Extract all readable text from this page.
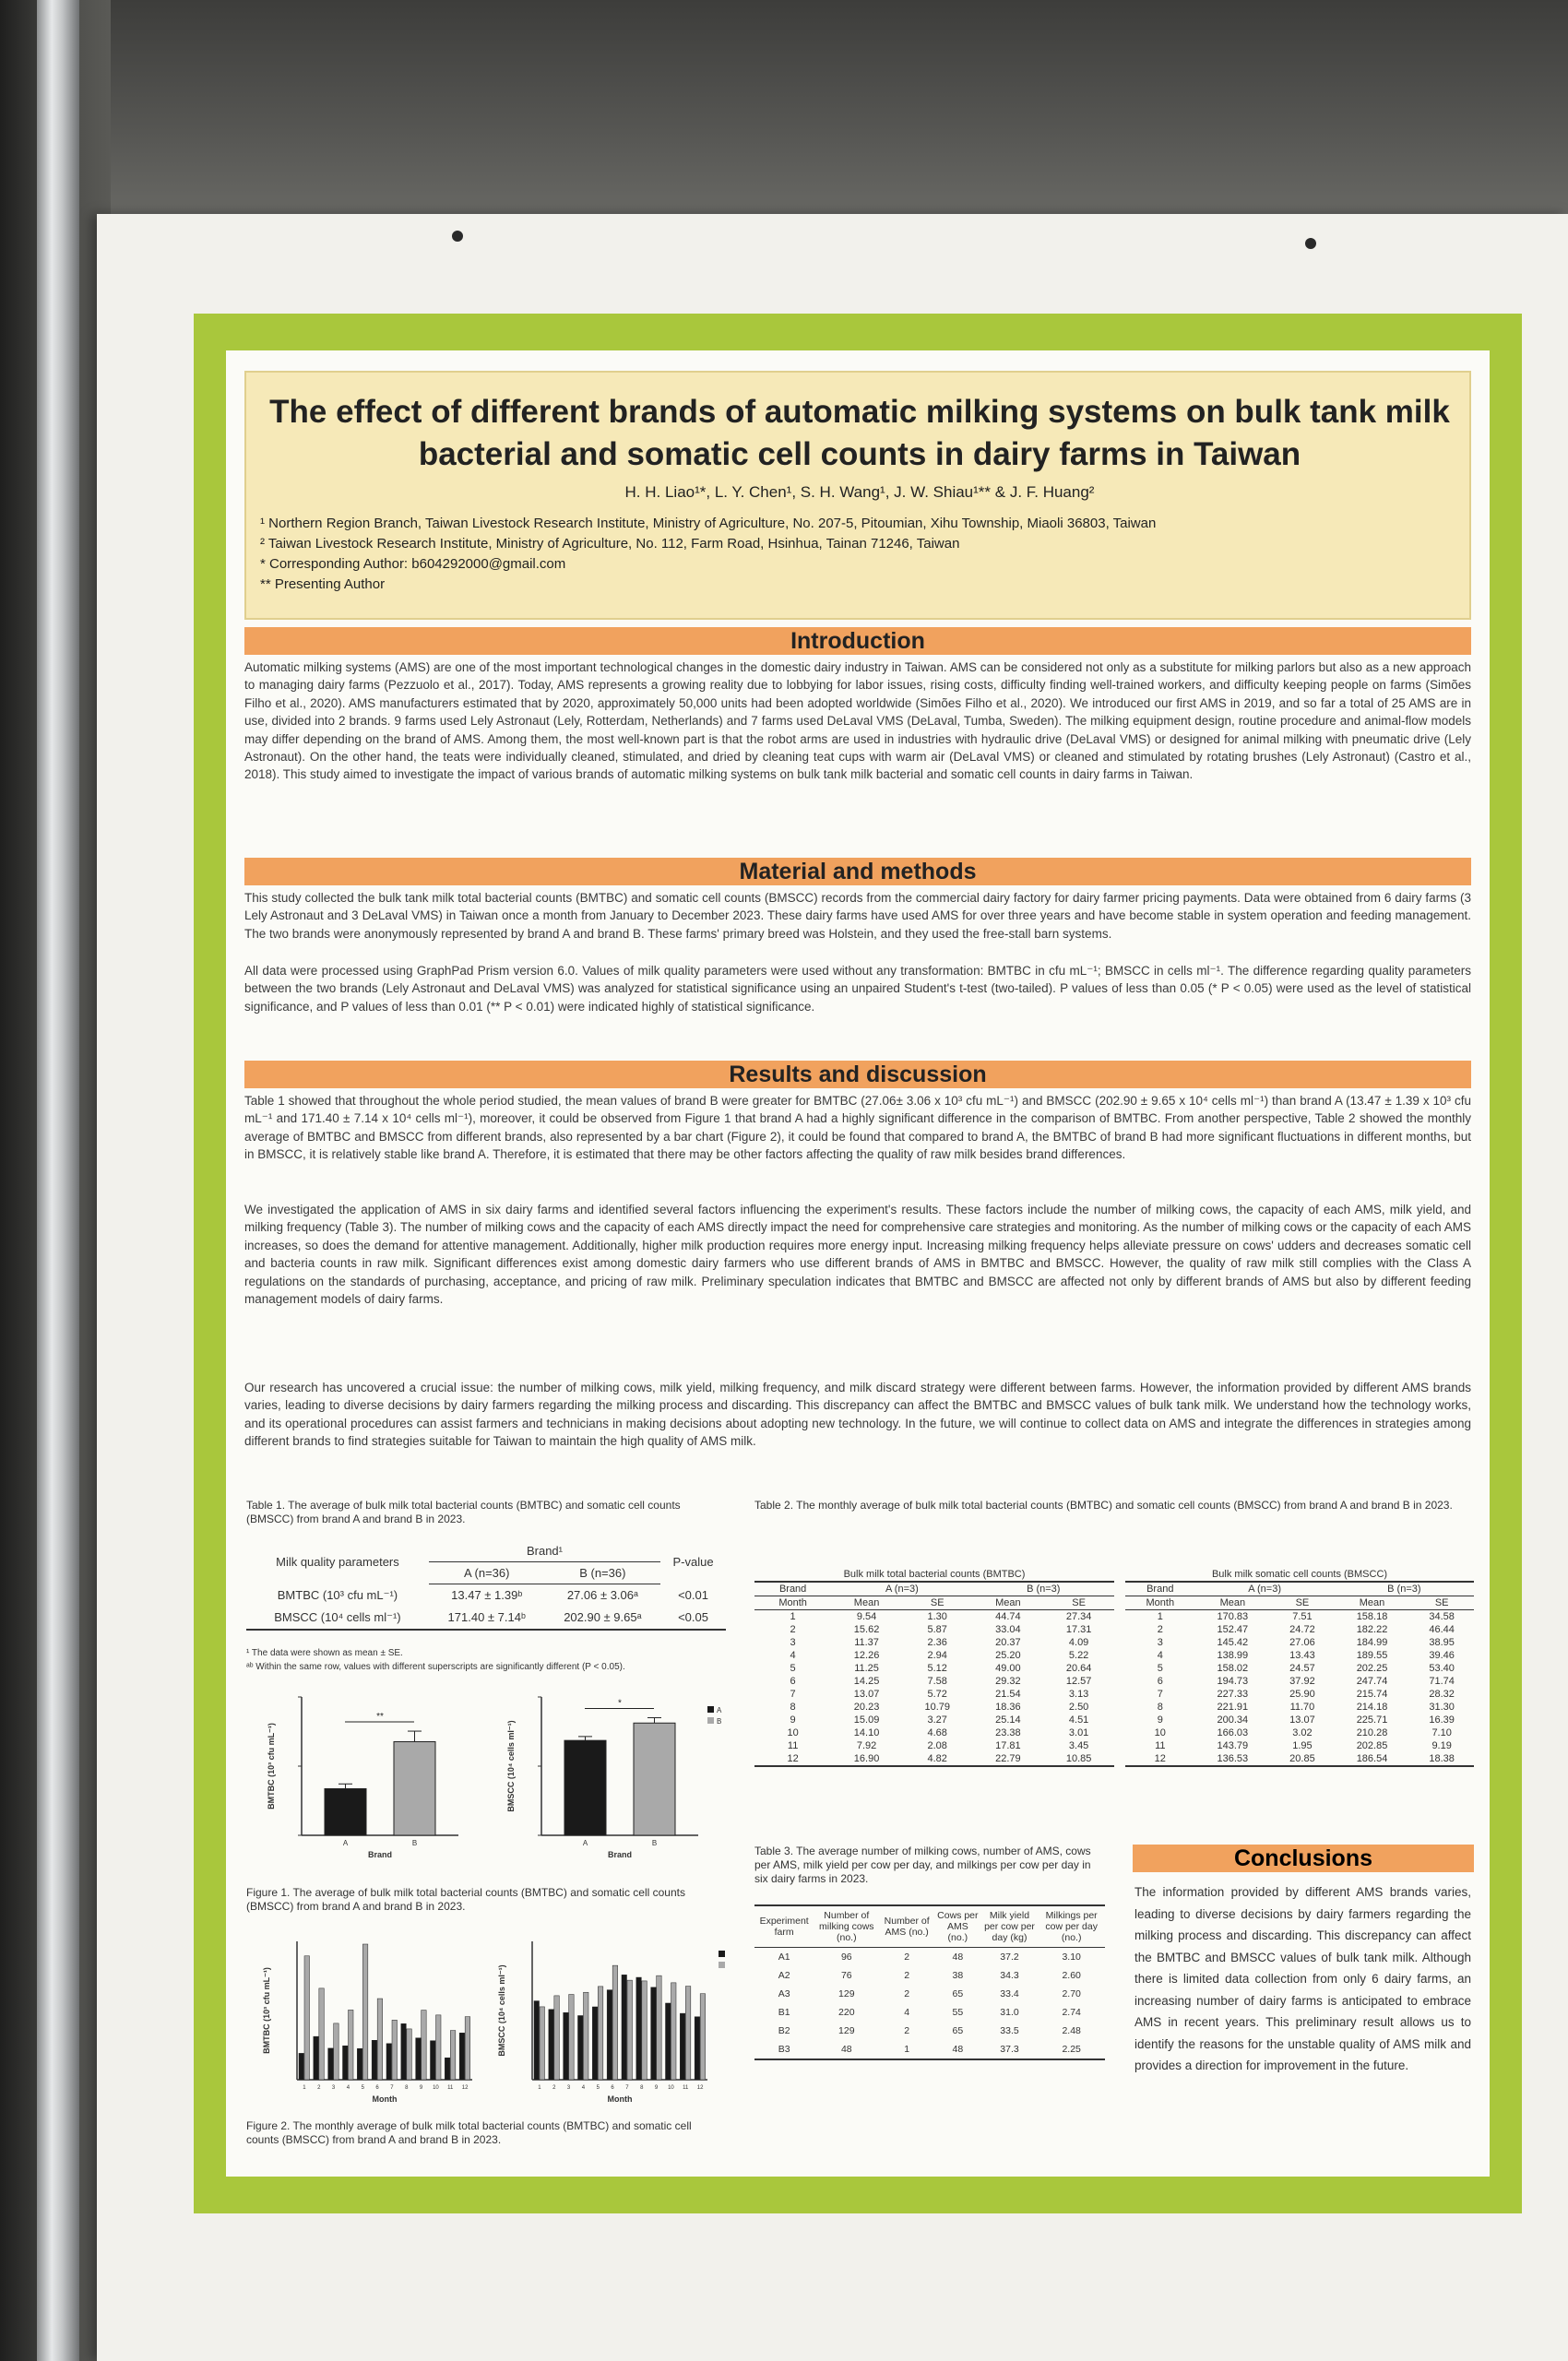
The effect of different brands of automatic milking systems on bulk tank milk bacterial and somatic cell counts in dairy farms in Taiwan
H. H. Liao¹*, L. Y. Chen¹, S. H. Wang¹, J. W. Shiau¹** & J. F. Huang²
¹ Northern Region Branch, Taiwan Livestock Research Institute, Ministry of Agriculture, No. 207-5, Pitoumian, Xihu Township, Miaoli 36803, Taiwan
² Taiwan Livestock Research Institute, Ministry of Agriculture, No. 112, Farm Road, Hsinhua, Tainan 71246, Taiwan
* Corresponding Author: b604292000@gmail.com
** Presenting Author
Introduction
Automatic milking systems (AMS) are one of the most important technological changes in the domestic dairy industry in Taiwan. AMS can be considered not only as a substitute for milking parlors but also as a new approach to managing dairy farms (Pezzuolo et al., 2017). Today, AMS represents a growing reality due to lobbying for labor issues, rising costs, difficulty finding well-trained workers, and difficulty keeping people on farms (Simões Filho et al., 2020). AMS manufacturers estimated that by 2020, approximately 50,000 units had been adopted worldwide (Simões Filho et al., 2020). We introduced our first AMS in 2019, and so far a total of 25 AMS are in use, divided into 2 brands. 9 farms used Lely Astronaut (Lely, Rotterdam, Netherlands) and 7 farms used DeLaval VMS (DeLaval, Tumba, Sweden). The milking equipment design, routine procedure and animal-flow models may differ depending on the brand of AMS. Among them, the most well-known part is that the robot arms are used in industries with hydraulic drive (DeLaval VMS) or designed for animal milking with pneumatic drive (Lely Astronaut). On the other hand, the teats were individually cleaned, stimulated, and dried by cleaning teat cups with warm air (DeLaval VMS) or cleaned and stimulated by rotating brushes (Lely Astronaut) (Castro et al., 2018). This study aimed to investigate the impact of various brands of automatic milking systems on bulk tank milk bacterial and somatic cell counts in dairy farms in Taiwan.
Material and methods
This study collected the bulk tank milk total bacterial counts (BMTBC) and somatic cell counts (BMSCC) records from the commercial dairy factory for dairy farmer pricing payments. Data were obtained from 6 dairy farms (3 Lely Astronaut and 3 DeLaval VMS) in Taiwan once a month from January to December 2023. These dairy farms have used AMS for over three years and have become stable in system operation and feeding management. The two brands were anonymously represented by brand A and brand B. These farms' primary breed was Holstein, and they used the free-stall barn systems.
All data were processed using GraphPad Prism version 6.0. Values of milk quality parameters were used without any transformation: BMTBC in cfu mL⁻¹; BMSCC in cells ml⁻¹. The difference regarding quality parameters between the two brands (Lely Astronaut and DeLaval VMS) was analyzed for statistical significance using an unpaired Student's t-test (two-tailed). P values of less than 0.05 (* P < 0.05) were used as the level of statistical significance, and P values of less than 0.01 (** P < 0.01) were indicated highly of statistical significance.
Results and discussion
Table 1 showed that throughout the whole period studied, the mean values of brand B were greater for BMTBC (27.06± 3.06 x 10³ cfu mL⁻¹) and BMSCC (202.90 ± 9.65 x 10⁴ cells ml⁻¹) than brand A (13.47 ± 1.39 x 10³ cfu mL⁻¹ and 171.40 ± 7.14 x 10⁴ cells ml⁻¹), moreover, it could be observed from Figure 1 that brand A had a highly significant difference in the comparison of BMTBC. From another perspective, Table 2 showed the monthly average of BMTBC and BMSCC from different brands, also represented by a bar chart (Figure 2), it could be found that compared to brand A, the BMTBC of brand B had more significant fluctuations in different months, but in BMSCC, it is relatively stable like brand A. Therefore, it is estimated that there may be other factors affecting the quality of raw milk besides brand differences.
We investigated the application of AMS in six dairy farms and identified several factors influencing the experiment's results. These factors include the number of milking cows, the capacity of each AMS, milk yield, and milking frequency (Table 3). The number of milking cows and the capacity of each AMS directly impact the need for comprehensive care strategies and monitoring. As the number of milking cows or the capacity of each AMS increases, so does the demand for attentive management. Additionally, higher milk production requires more energy input. Increasing milking frequency helps alleviate pressure on cows' udders and decreases somatic cell and bacteria counts in raw milk. Significant differences exist among domestic dairy farmers who use different brands of AMS in BMTBC and BMSCC. However, the quality of raw milk still complies with the Class A regulations on the standards of purchasing, acceptance, and pricing of raw milk. Preliminary speculation indicates that BMTBC and BMSCC are affected not only by different brands of AMS but also by different feeding management models of dairy farms.
Our research has uncovered a crucial issue: the number of milking cows, milk yield, milking frequency, and milk discard strategy were different between farms. However, the information provided by different AMS brands varies, leading to diverse decisions by dairy farmers regarding the milking process and discarding. This discrepancy can affect the BMTBC and BMSCC values of bulk tank milk. We understand how the technology works, and its operational procedures can assist farmers and technicians in making decisions about adopting new technology. In the future, we will continue to collect data on AMS and integrate the differences in strategies among different brands to find strategies suitable for Taiwan to maintain the high quality of AMS milk.
Table 1. The average of bulk milk total bacterial counts (BMTBC) and somatic cell counts (BMSCC) from brand A and brand B in 2023.
Milk quality parameters	Brand¹		P-value
	A (n=36)	B (n=36)	
BMTBC (10³ cfu mL⁻¹)	13.47 ± 1.39ᵇ	27.06 ± 3.06ᵃ	<0.01
BMSCC (10⁴ cells ml⁻¹)	171.40 ± 7.14ᵇ	202.90 ± 9.65ᵃ	<0.05
¹ The data were shown as mean ± SE.
ᵃᵇ Within the same row, values with different superscripts are significantly different (P < 0.05).
BMTBC (10³ cfu mL⁻¹)
Brand
A	B
**
BMSCC (10⁴ cells ml⁻¹)
Brand
A	B
*
A
B
Figure 1. The average of bulk milk total bacterial counts (BMTBC) and somatic cell counts (BMSCC) from brand A and brand B in 2023.
BMTBC (10³ cfu mL⁻¹)
Month
1 2 3 4 5 6 7 8 9 10 11 12
BMSCC (10⁴ cells ml⁻¹)
Month
1 2 3 4 5 6 7 8 9 10 11 12
Figure 2. The monthly average of bulk milk total bacterial counts (BMTBC) and somatic cell counts (BMSCC) from brand A and brand B in 2023.
Table 2. The monthly average of bulk milk total bacterial counts (BMTBC) and somatic cell counts (BMSCC) from brand A and brand B in 2023.
Bulk milk total bacterial counts (BMTBC)				
Brand	A (n=3)		B (n=3)	
Month	Mean	SE	Mean	SE
1	9.54	1.30	44.74	27.34
2	15.62	5.87	33.04	17.31
3	11.37	2.36	20.37	4.09
4	12.26	2.94	25.20	5.22
5	11.25	5.12	49.00	20.64
6	14.25	7.58	29.32	12.57
7	13.07	5.72	21.54	3.13
8	20.23	10.79	18.36	2.50
9	15.09	3.27	25.14	4.51
10	14.10	4.68	23.38	3.01
11	7.92	2.08	17.81	3.45
12	16.90	4.82	22.79	10.85
Bulk milk somatic cell counts (BMSCC)				
Brand	A (n=3)		B (n=3)	
Month	Mean	SE	Mean	SE
1	170.83	7.51	158.18	34.58
2	152.47	24.72	182.22	46.44
3	145.42	27.06	184.99	38.95
4	138.99	13.43	189.55	39.46
5	158.02	24.57	202.25	53.40
6	194.73	37.92	247.74	71.74
7	227.33	25.90	215.74	28.32
8	221.91	11.70	214.18	31.30
9	200.34	13.07	225.71	16.39
10	166.03	3.02	210.28	7.10
11	143.79	1.95	202.85	9.19
12	136.53	20.85	186.54	18.38
Table 3. The average number of milking cows, number of AMS, cows per AMS, milk yield per cow per day, and milkings per cow per day in six dairy farms in 2023.
Experiment farm	Number of milking cows (no.)	Number of AMS (no.)	Cows per AMS (no.)	Milk yield per cow per day (kg)	Milkings per cow per day (no.)
A1	96	2	48	37.2	3.10
A2	76	2	38	34.3	2.60
A3	129	2	65	33.4	2.70
B1	220	4	55	31.0	2.74
B2	129	2	65	33.5	2.48
B3	48	1	48	37.3	2.25
Conclusions
The information provided by different AMS brands varies, leading to diverse decisions by dairy farmers regarding the milking process and discarding. This discrepancy can affect the BMTBC and BMSCC values of bulk tank milk. Although there is limited data collection from only 6 dairy farms, an increasing number of dairy farms is anticipated to embrace AMS in recent years. This preliminary result allows us to identify the reasons for the unstable quality of AMS milk and provides a direction for improvement in the future.
